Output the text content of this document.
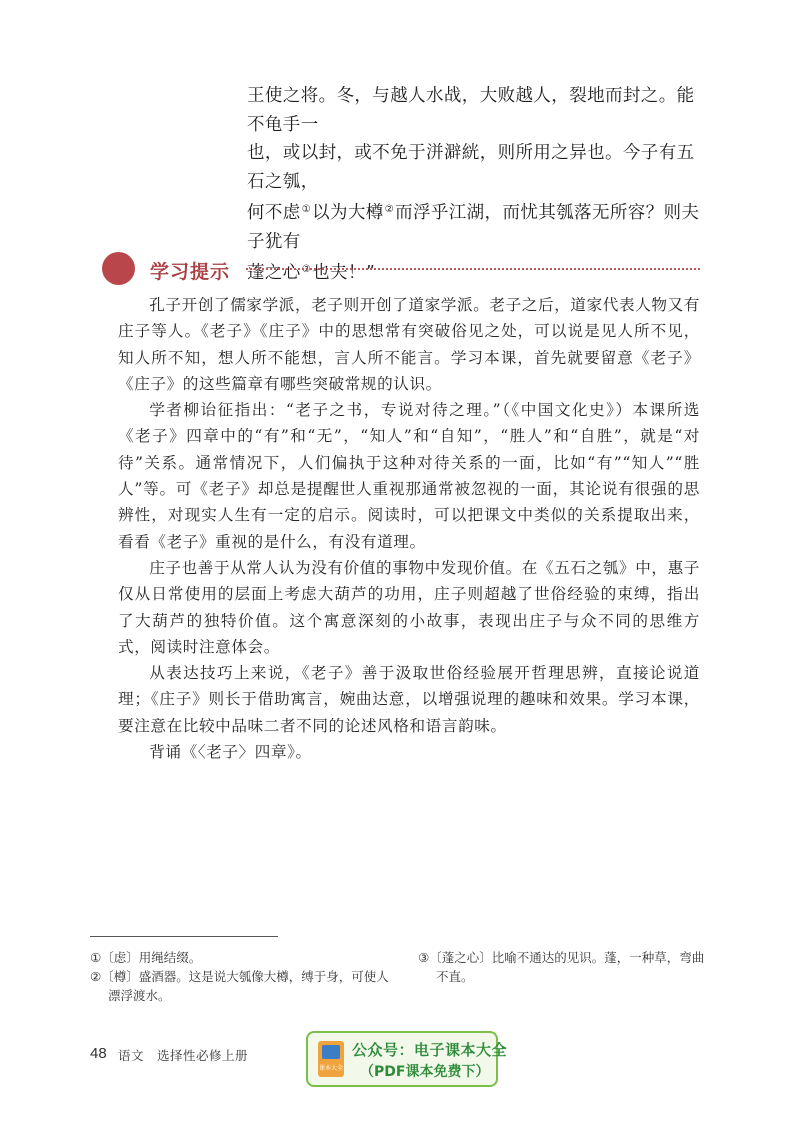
王使之将。冬，与越人水战，大败越人，裂地而封之。能不龟手一

也，或以封，或不免于洴澼絖，则所用之异也。今子有五石之瓠，

何不虑①以为大樽②而浮乎江湖，而忧其瓠落无所容？则夫子犹有

蓬之心③也夫！”

学习提示

孔子开创了儒家学派，老子则开创了道家学派。老子之后，道家代表人物又有庄子等人。《老子》《庄子》中的思想常有突破俗见之处，可以说是见人所不见，知人所不知，想人所不能想，言人所不能言。学习本课，首先就要留意《老子》《庄子》的这些篇章有哪些突破常规的认识。

学者柳诒征指出：“老子之书，专说对待之理。”（《中国文化史》）本课所选《老子》四章中的“有”和“无”，“知人”和“自知”，“胜人”和“自胜”，就是“对待”关系。通常情况下，人们偏执于这种对待关系的一面，比如“有”“知人”“胜人”等。可《老子》却总是提醒世人重视那通常被忽视的一面，其论说有很强的思辨性，对现实人生有一定的启示。阅读时，可以把课文中类似的关系提取出来，看看《老子》重视的是什么，有没有道理。

庄子也善于从常人认为没有价值的事物中发现价值。在《五石之瓠》中，惠子仅从日常使用的层面上考虑大葫芦的功用，庄子则超越了世俗经验的束缚，指出了大葫芦的独特价值。这个寓意深刻的小故事，表现出庄子与众不同的思维方式，阅读时注意体会。

从表达技巧上来说，《老子》善于汲取世俗经验展开哲理思辨，直接论说道理；《庄子》则长于借助寓言，婉曲达意，以增强说理的趣味和效果。学习本课，要注意在比较中品味二者不同的论述风格和语言韵味。

背诵《〈老子〉四章》。

①〔虑〕用绳结缀。

②〔樽〕盛酒器。这是说大瓠像大樽，缚于身，可使人漂浮渡水。

③〔蓬之心〕比喻不通达的见识。蓬，一种草，弯曲不直。

48 语文　选择性必修上册
课本大全
公众号：电子课本大全
（PDF课本免费下）
